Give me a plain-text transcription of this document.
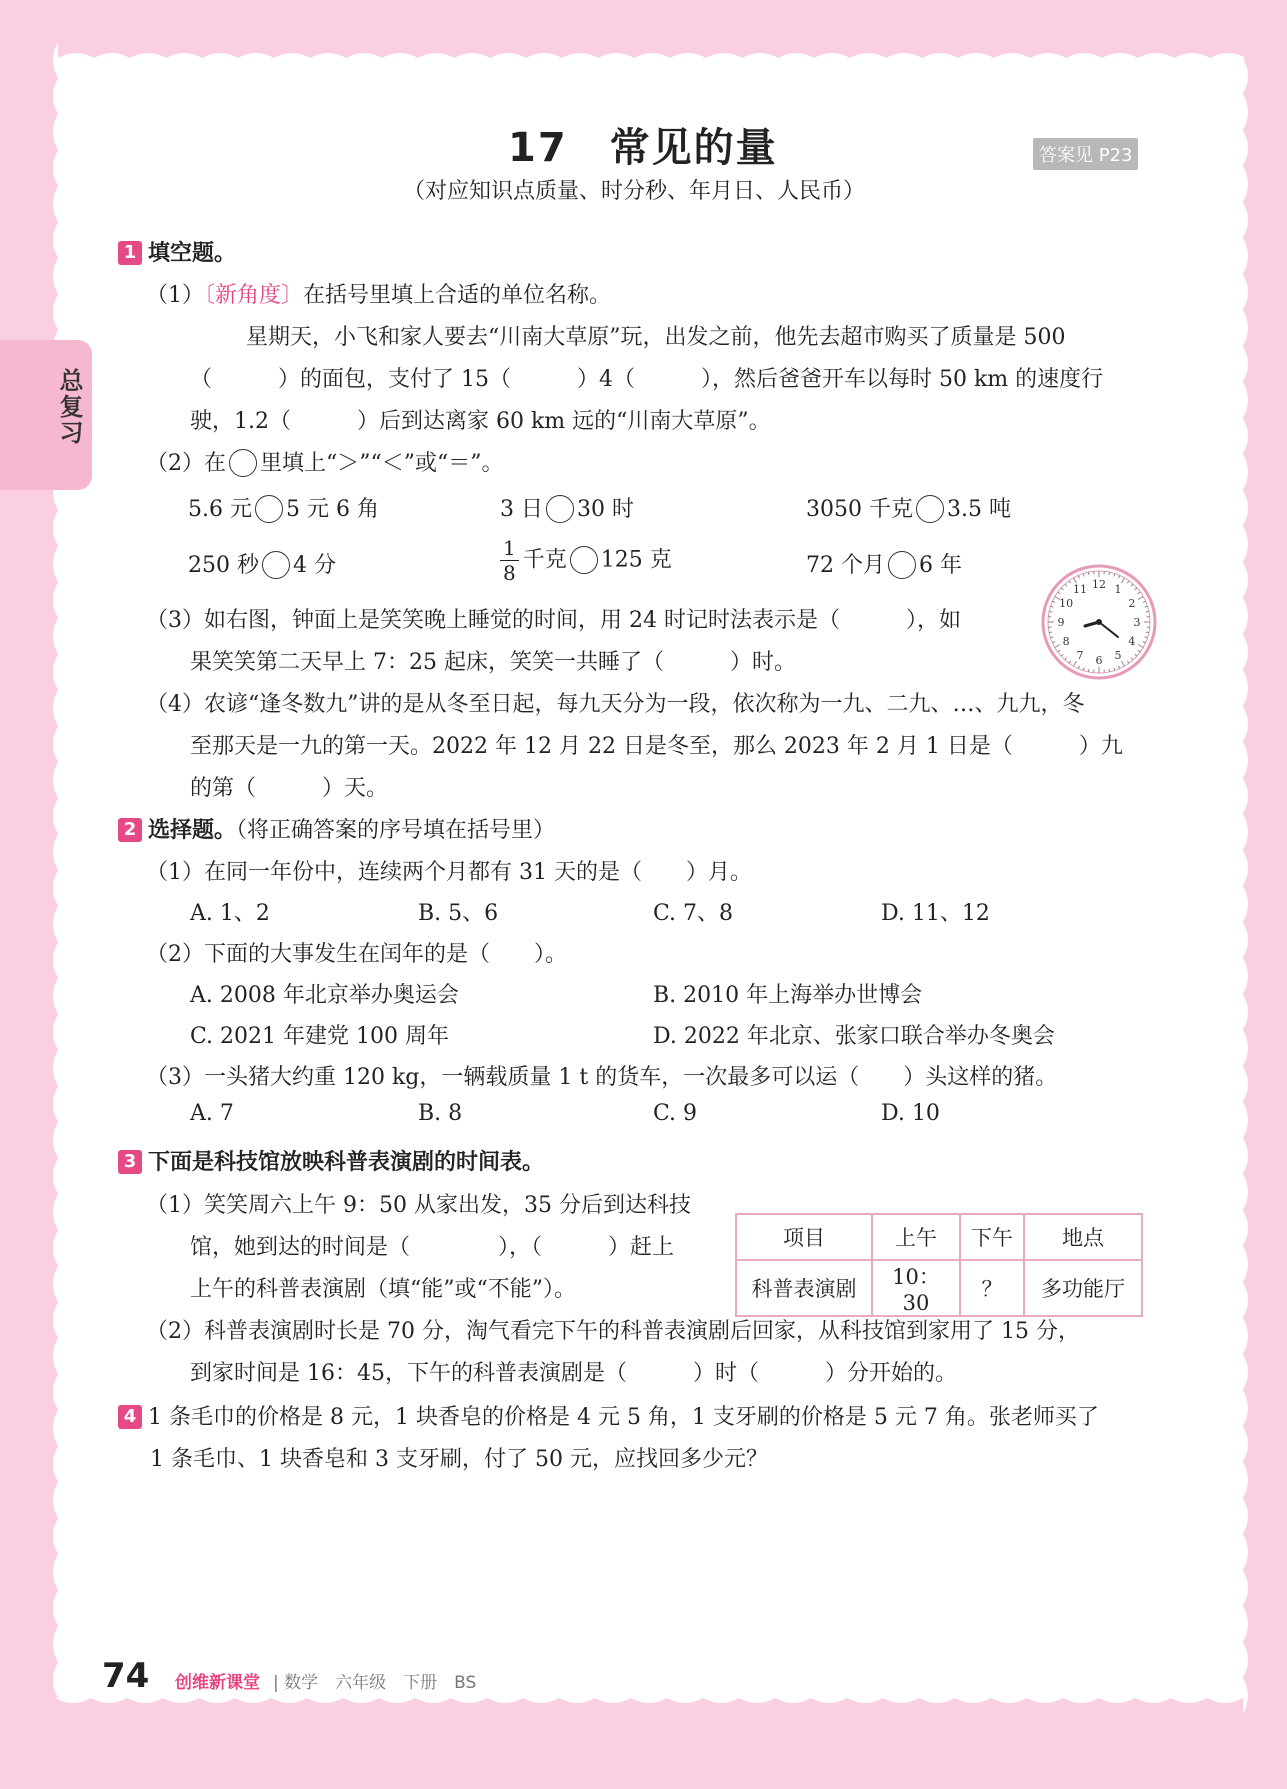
总复习
17　常见的量	答案见 P23
（对应知识点质量、时分秒、年月日、人民币）
1 填空题。
（1）〔新角度〕在括号里填上合适的单位名称。
星期天，小飞和家人要去“川南大草原”玩，出发之前，他先去超市购买了质量是 500
（　　　）的面包，支付了 15（　　　）4（　　　），然后爸爸开车以每时 50 km 的速度行
驶，1.2（　　　）后到达离家 60 km 远的“川南大草原”。
（2）在 里填上“＞”“＜”或“＝”。
5.6 元 5 元 6 角	3 日 30 时	3050 千克 3.5 吨
250 秒 4 分	$\frac{1}{8}$ 千克 125 克	72 个月 6 年
（3）如右图，钟面上是笑笑晚上睡觉的时间，用 24 时记时法表示是（　　　），如
果笑笑第二天早上 7：25 起床，笑笑一共睡了（　　　）时。
12 1
2
3
4
5
6
7
8
9
10
11
（4）农谚“逢冬数九”讲的是从冬至日起，每九天分为一段，依次称为一九、二九、…、九九，冬
至那天是一九的第一天。2022 年 12 月 22 日是冬至，那么 2023 年 2 月 1 日是（　　　）九
的第（　　　）天。
2 选择题。（将正确答案的序号填在括号里）
（1）在同一年份中，连续两个月都有 31 天的是（　　）月。
A. 1、2	B. 5、6	C. 7、8	D. 11、12
（2）下面的大事发生在闰年的是（　　）。
A. 2008 年北京举办奥运会	B. 2010 年上海举办世博会
C. 2021 年建党 100 周年	D. 2022 年北京、张家口联合举办冬奥会
（3）一头猪大约重 120 kg，一辆载质量 1 t 的货车，一次最多可以运（　　）头这样的猪。
A. 7	B. 8	C. 9	D. 10
3 下面是科技馆放映科普表演剧的时间表。
（1）笑笑周六上午 9：50 从家出发，35 分后到达科技
馆，她到达的时间是（　　　　），（　　　）赶上
上午的科普表演剧（填“能”或“不能”）。
项目	上午	下午	地点
科普表演剧	10：30	？	多功能厅
（2）科普表演剧时长是 70 分，淘气看完下午的科普表演剧后回家，从科技馆到家用了 15 分，
到家时间是 16：45，下午的科普表演剧是（　　　）时（　　　）分开始的。
4 1 条毛巾的价格是 8 元，1 块香皂的价格是 4 元 5 角，1 支牙刷的价格是 5 元 7 角。张老师买了
1 条毛巾、1 块香皂和 3 支牙刷，付了 50 元，应找回多少元？
74 创维新课堂 | 数学　六年级　下册　BS
